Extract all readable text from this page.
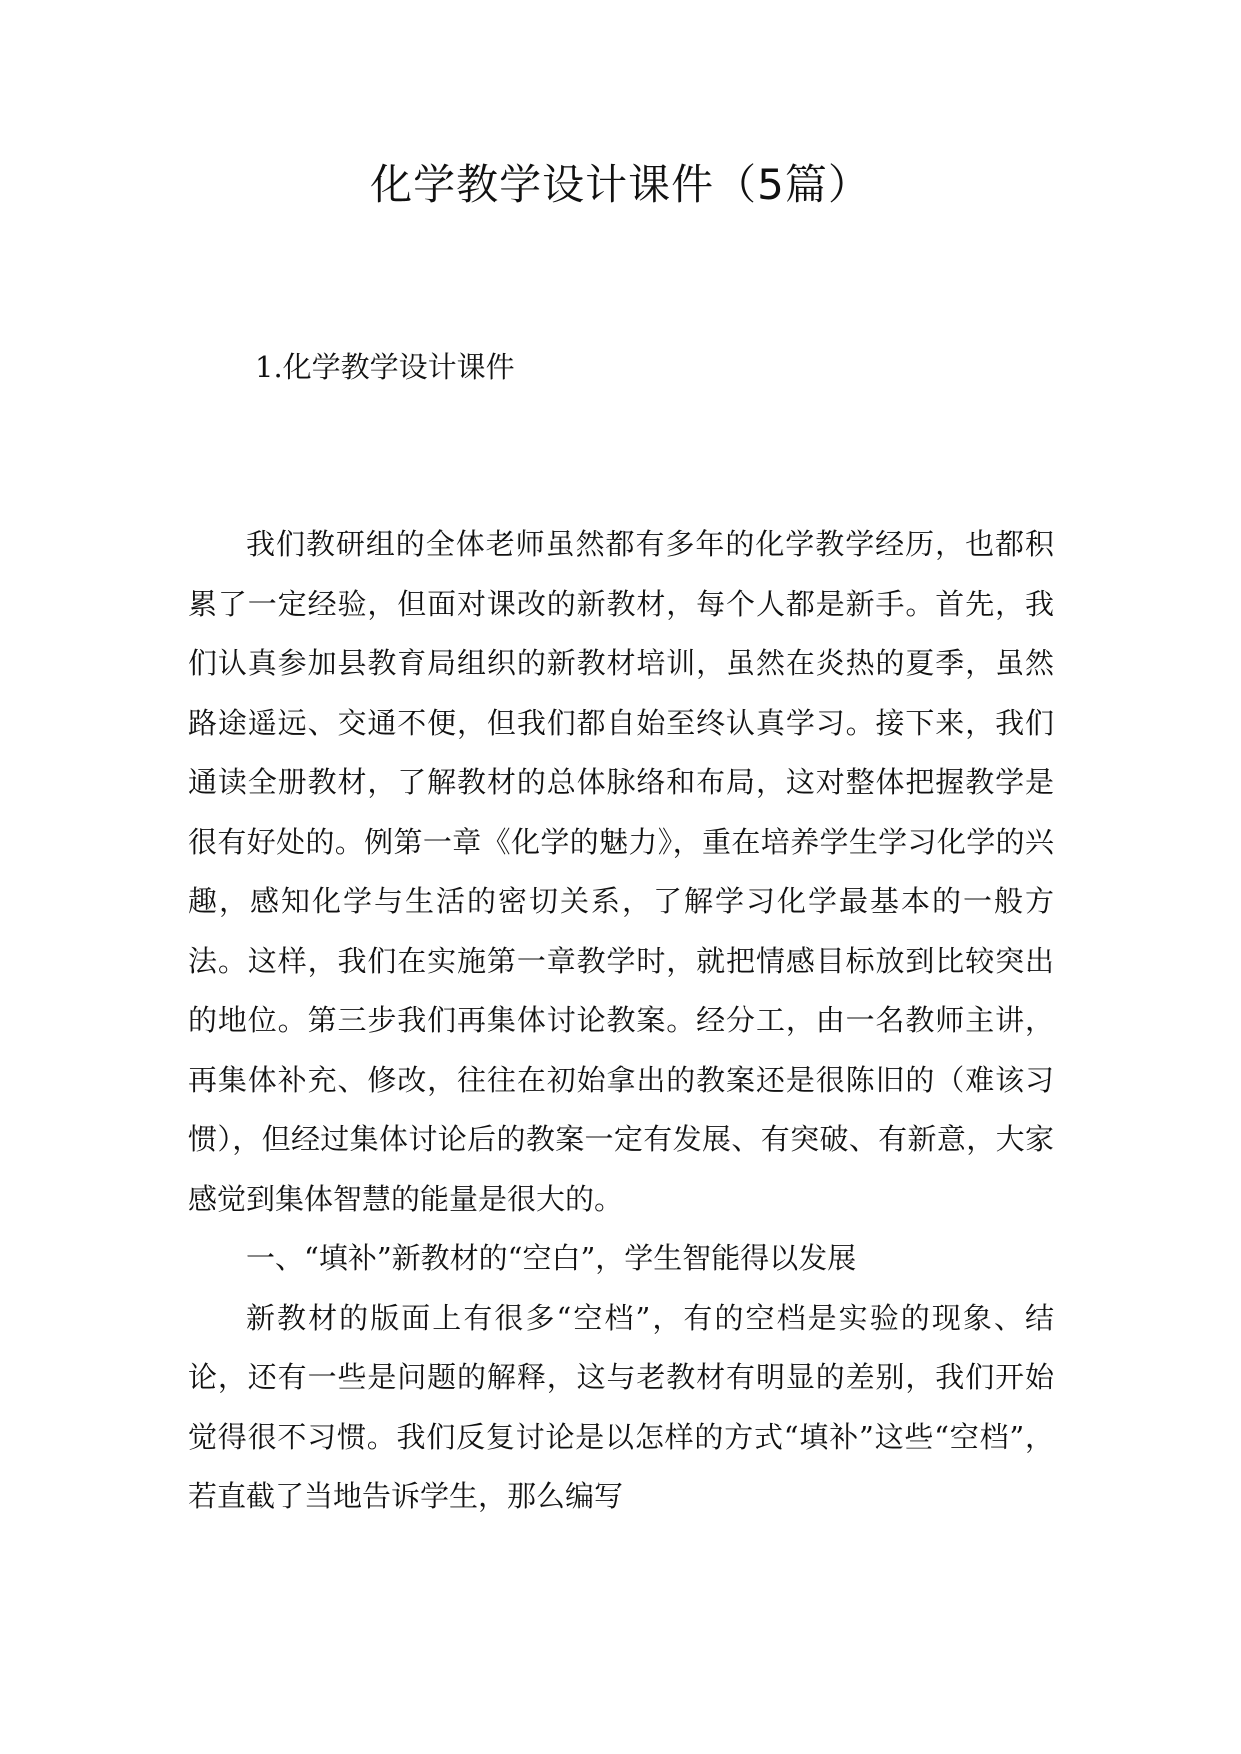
化学教学设计课件（5篇）
1.化学教学设计课件

我们教研组的全体老师虽然都有多年的化学教学经历，也都积累了一定经验，但面对课改的新教材，每个人都是新手。首先，我们认真参加县教育局组织的新教材培训，虽然在炎热的夏季，虽然路途遥远、交通不便，但我们都自始至终认真学习。接下来，我们通读全册教材，了解教材的总体脉络和布局，这对整体把握教学是很有好处的。例第一章《化学的魅力》，重在培养学生学习化学的兴趣，感知化学与生活的密切关系，了解学习化学最基本的一般方法。这样，我们在实施第一章教学时，就把情感目标放到比较突出的地位。第三步我们再集体讨论教案。经分工，由一名教师主讲，再集体补充、修改，往往在初始拿出的教案还是很陈旧的（难该习惯），但经过集体讨论后的教案一定有发展、有突破、有新意，大家感觉到集体智慧的能量是很大的。

一、“填补”新教材的“空白”，学生智能得以发展

新教材的版面上有很多“空档”，有的空档是实验的现象、结论，还有一些是问题的解释，这与老教材有明显的差别，我们开始觉得很不习惯。我们反复讨论是以怎样的方式“填补”这些“空档”，若直截了当地告诉学生，那么编写
